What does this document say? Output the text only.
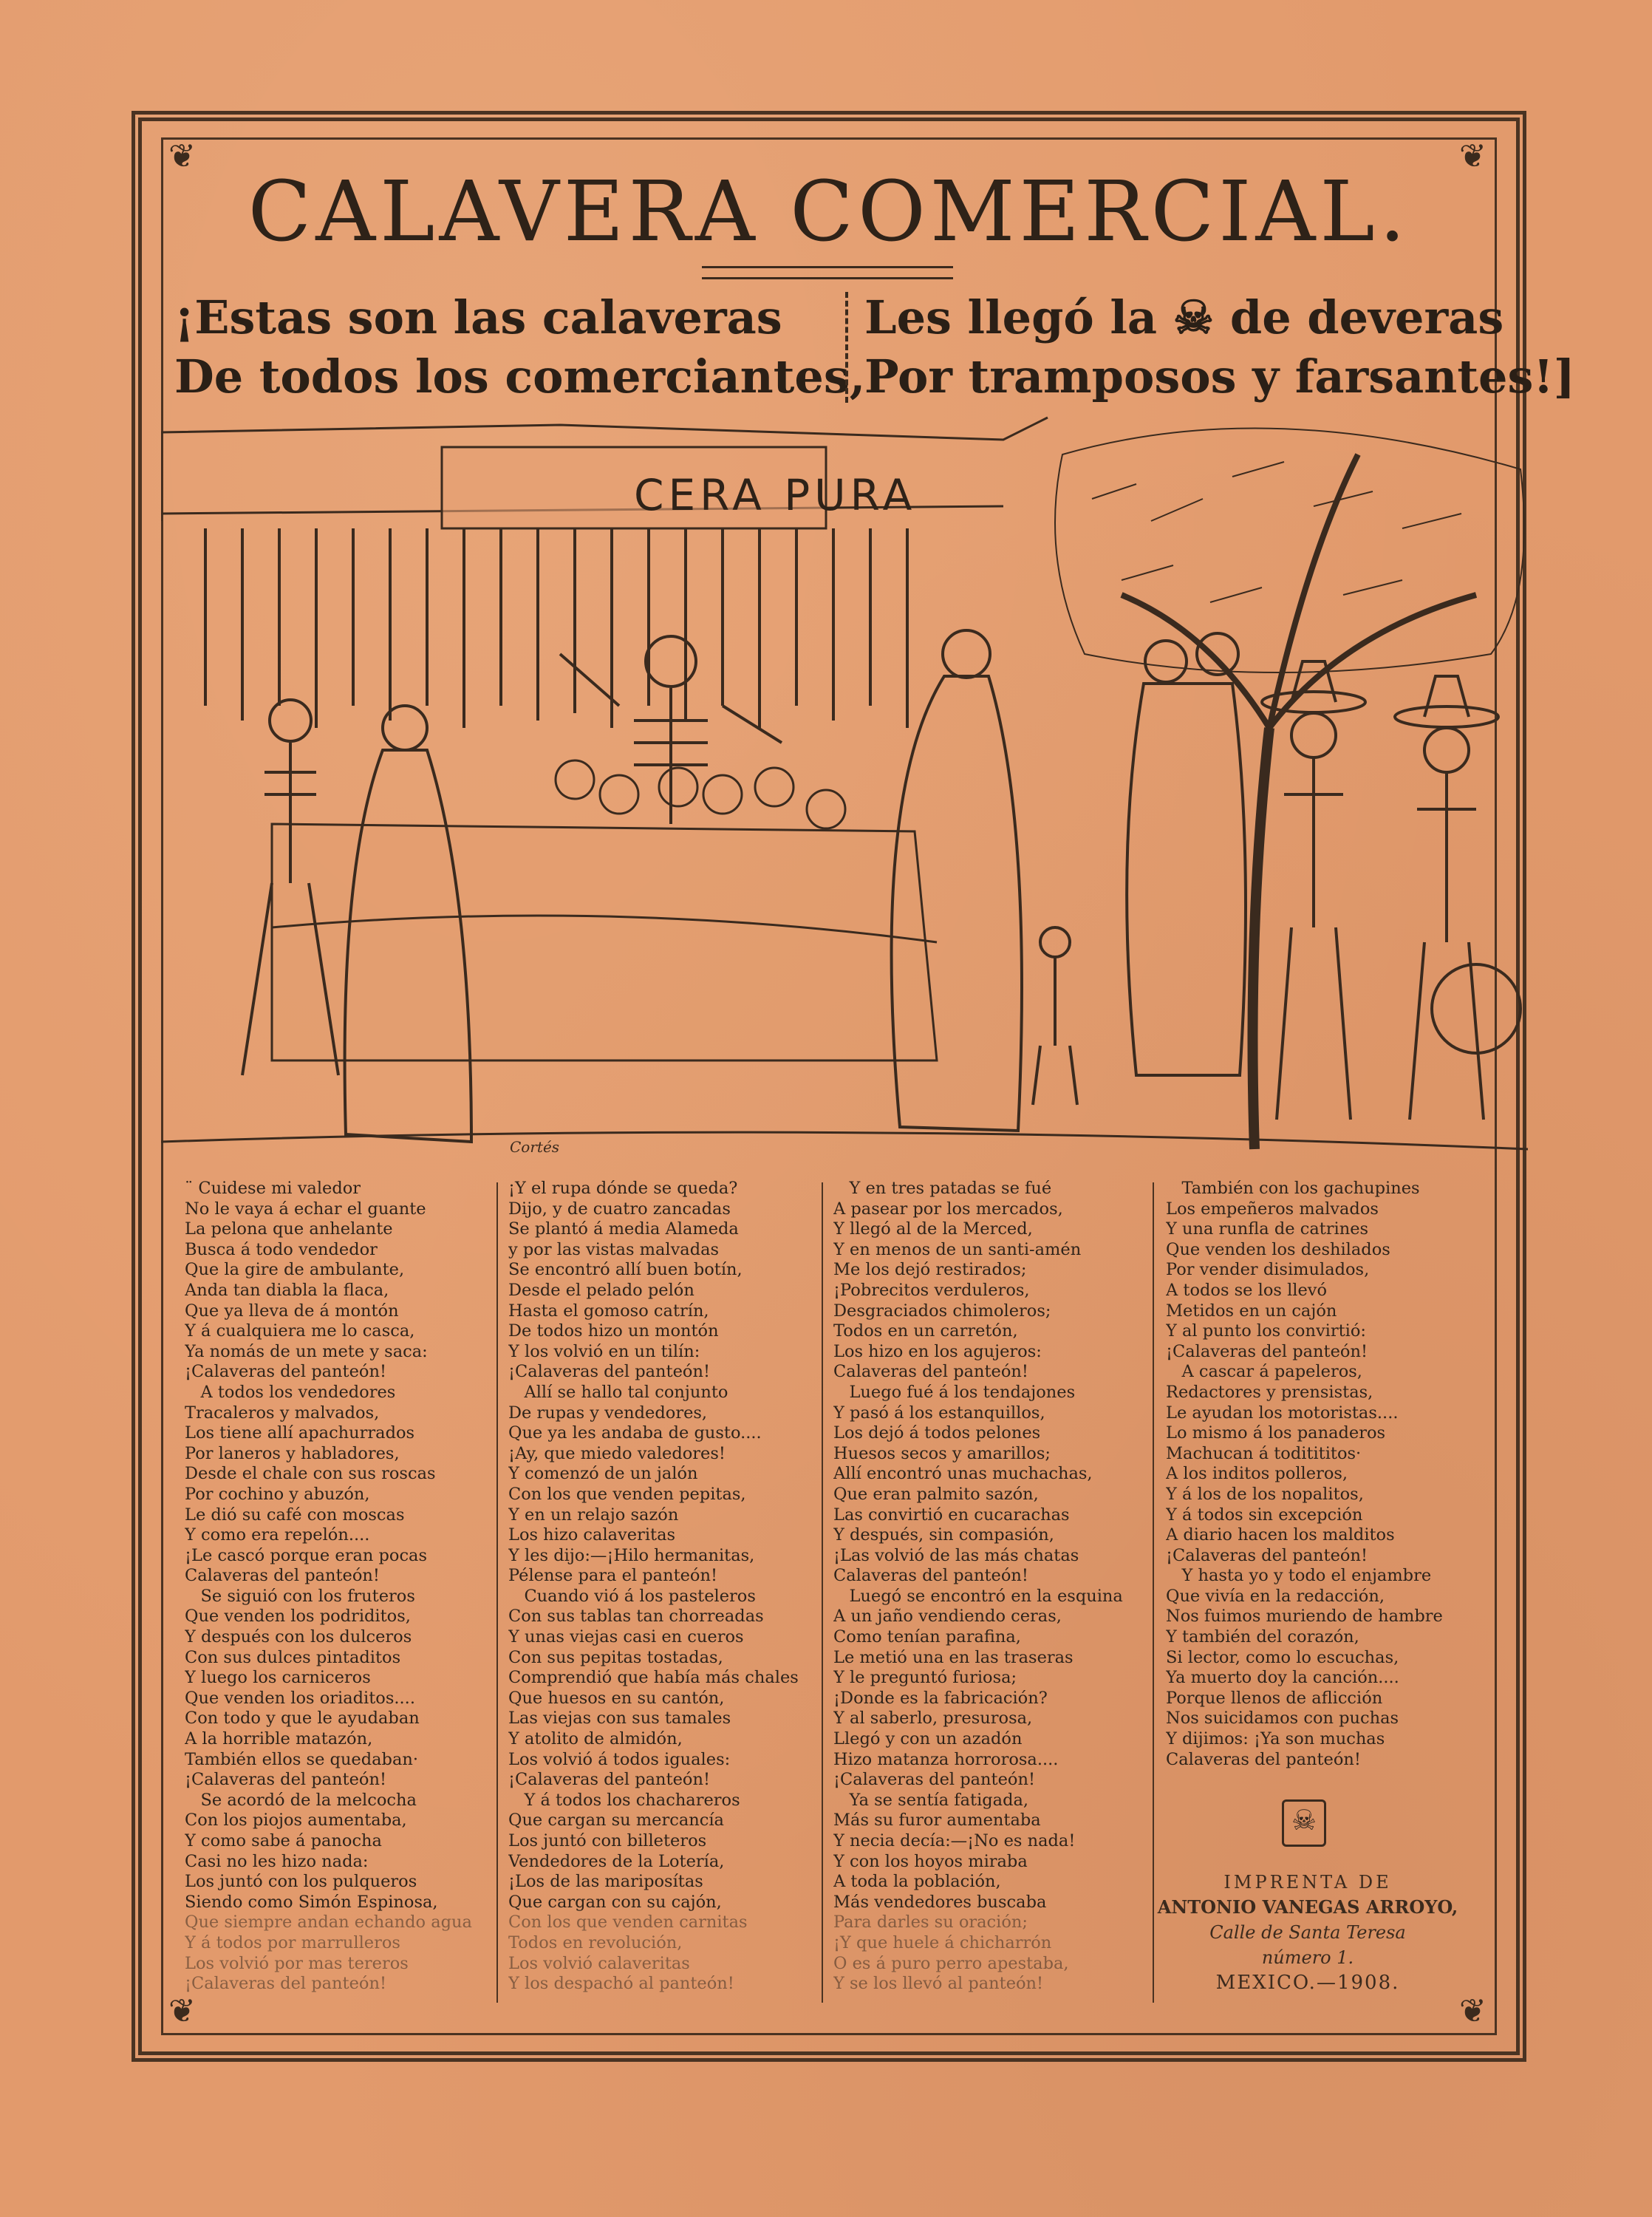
❦	❦
❦	❦
CALAVERA COMERCIAL.
¡Estas son las calaveras
De todos los comerciantes,
Les llegó la ☠ de deveras
Por tramposos y farsantes!]
CERA PURA
Cortés
¨ Cuidese mi valedor
No le vaya á echar el guante
La pelona que anhelante
Busca á todo vendedor
Que la gire de ambulante,
Anda tan diabla la flaca,
Que ya lleva de á montón
Y á cualquiera me lo casca,
Ya nomás de un mete y saca:
¡Calaveras del panteón!
A todos los vendedores
Tracaleros y malvados,
Los tiene allí apachurrados
Por laneros y habladores,
Desde el chale con sus roscas
Por cochino y abuzón,
Le dió su café con moscas
Y como era repelón....
¡Le cascó porque eran pocas
Calaveras del panteón!
Se siguió con los fruteros
Que venden los podriditos,
Y después con los dulceros
Con sus dulces pintaditos
Y luego los carniceros
Que venden los oriaditos....
Con todo y que le ayudaban
A la horrible matazón,
También ellos se quedaban·
¡Calaveras del panteón!
Se acordó de la melcocha
Con los piojos aumentaba,
Y como sabe á panocha
Casi no les hizo nada:
Los juntó con los pulqueros
Siendo como Simón Espinosa,
Que siempre andan echando agua
Y á todos por marrulleros
Los volvió por mas tereros
¡Calaveras del panteón!
¡Y el rupa dónde se queda?
Dijo, y de cuatro zancadas
Se plantó á media Alameda
y por las vistas malvadas
Se encontró allí buen botín,
Desde el pelado pelón
Hasta el gomoso catrín,
De todos hizo un montón
Y los volvió en un tilín:
¡Calaveras del panteón!
Allí se hallo tal conjunto
De rupas y vendedores,
Que ya les andaba de gusto....
¡Ay, que miedo valedores!
Y comenzó de un jalón
Con los que venden pepitas,
Y en un relajo sazón
Los hizo calaveritas
Y les dijo:—¡Hilo hermanitas,
Pélense para el panteón!
Cuando vió á los pasteleros
Con sus tablas tan chorreadas
Y unas viejas casi en cueros
Con sus pepitas tostadas,
Comprendió que había más chales
Que huesos en su cantón,
Las viejas con sus tamales
Y atolito de almidón,
Los volvió á todos iguales:
¡Calaveras del panteón!
Y á todos los chachareros
Que cargan su mercancía
Los juntó con billeteros
Vendedores de la Lotería,
¡Los de las mariposítas
Que cargan con su cajón,
Con los que venden carnitas
Todos en revolución,
Los volvió calaveritas
Y los despachó al panteón!
Y en tres patadas se fué
A pasear por los mercados,
Y llegó al de la Merced,
Y en menos de un santi-amén
Me los dejó restirados;
¡Pobrecitos verduleros,
Desgraciados chimoleros;
Todos en un carretón,
Los hizo en los agujeros:
Calaveras del panteón!
Luego fué á los tendajones
Y pasó á los estanquillos,
Los dejó á todos pelones
Huesos secos y amarillos;
Allí encontró unas muchachas,
Que eran palmito sazón,
Las convirtió en cucarachas
Y después, sin compasión,
¡Las volvió de las más chatas
Calaveras del panteón!
Luegó se encontró en la esquina
A un jaño vendiendo ceras,
Como tenían parafina,
Le metió una en las traseras
Y le preguntó furiosa;
¡Donde es la fabricación?
Y al saberlo, presurosa,
Llegó y con un azadón
Hizo matanza horrorosa....
¡Calaveras del panteón!
Ya se sentía fatigada,
Más su furor aumentaba
Y necia decía:—¡No es nada!
Y con los hoyos miraba
A toda la población,
Más vendedores buscaba
Para darles su oración;
¡Y que huele á chicharrón
O es á puro perro apestaba,
Y se los llevó al panteón!
También con los gachupines
Los empeñeros malvados
Y una runfla de catrines
Que venden los deshilados
Por vender disimulados,
A todos se los llevó
Metidos en un cajón
Y al punto los convirtió:
¡Calaveras del panteón!
A cascar á papeleros,
Redactores y prensistas,
Le ayudan los motoristas....
Lo mismo á los panaderos
Machucan á toditititos·
A los inditos polleros,
Y á los de los nopalitos,
Y á todos sin excepción
A diario hacen los malditos
¡Calaveras del panteón!
Y hasta yo y todo el enjambre
Que vivía en la redacción,
Nos fuimos muriendo de hambre
Y también del corazón,
Si lector, como lo escuchas,
Ya muerto doy la canción....
Porque llenos de aflicción
Nos suicidamos con puchas
Y dijimos: ¡Ya son muchas
Calaveras del panteón!
☠
IMPRENTA DE
ANTONIO VANEGAS ARROYO,
Calle de Santa Teresa
número 1.
MEXICO.—1908.
